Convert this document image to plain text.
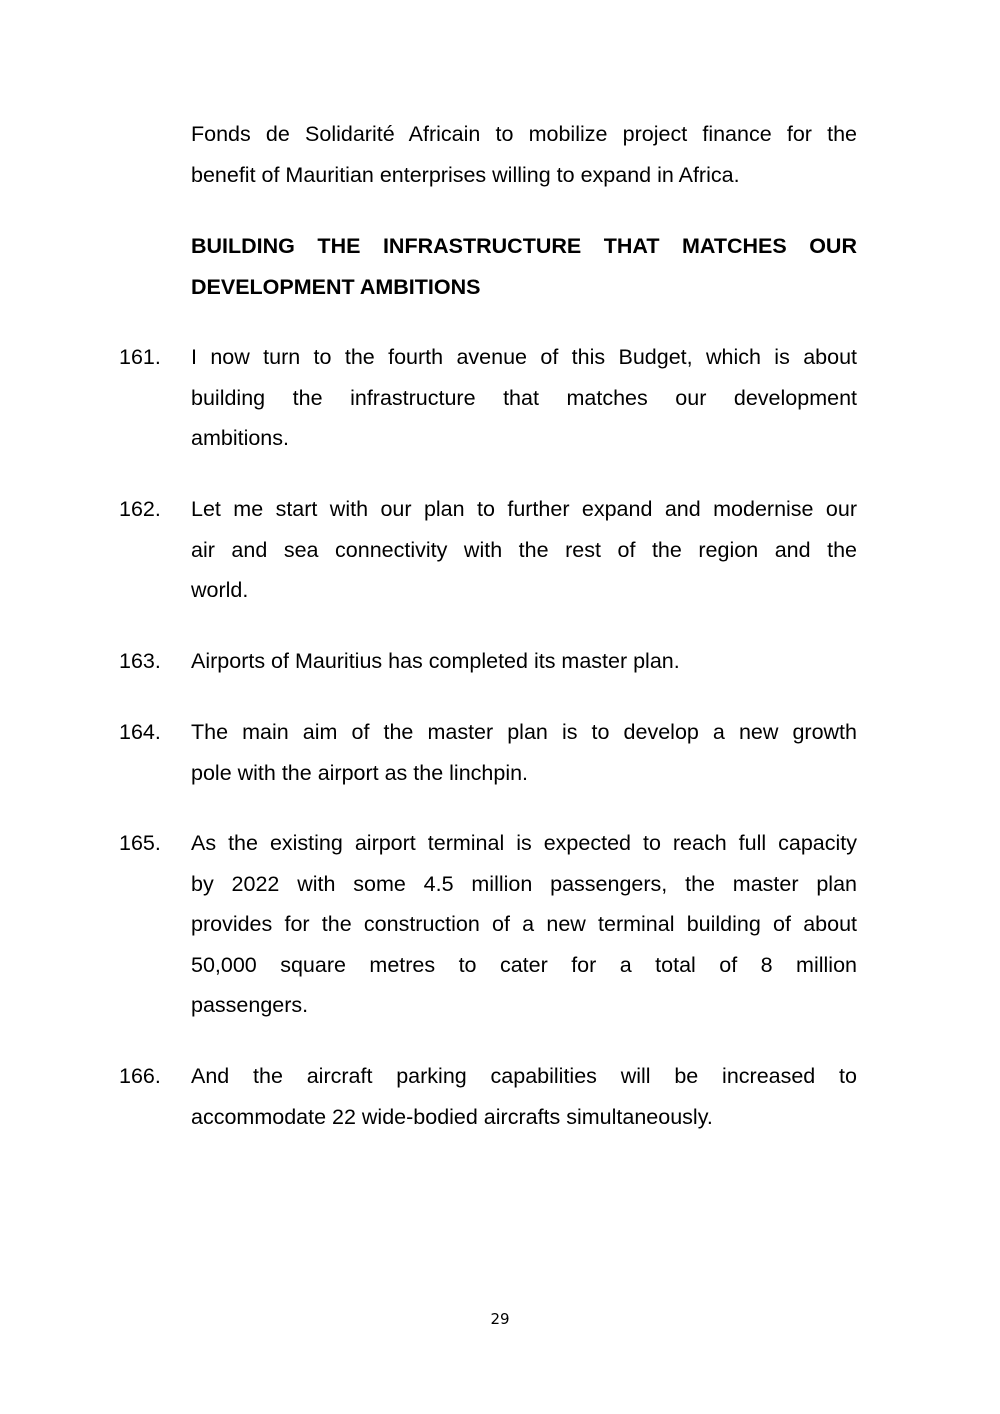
Fonds de Solidarité Africain to mobilize project finance for the
benefit of Mauritian enterprises willing to expand in Africa.
BUILDING THE INFRASTRUCTURE THAT MATCHES OUR
DEVELOPMENT AMBITIONS
161. I now turn to the fourth avenue of this Budget, which is about
building the infrastructure that matches our development
ambitions.
162. Let me start with our plan to further expand and modernise our
air and sea connectivity with the rest of the region and the
world.
163. Airports of Mauritius has completed its master plan.
164. The main aim of the master plan is to develop a new growth
pole with the airport as the linchpin.
165. As the existing airport terminal is expected to reach full capacity
by 2022 with some 4.5 million passengers, the master plan
provides for the construction of a new terminal building of about
50,000 square metres to cater for a total of 8 million
passengers.
166. And the aircraft parking capabilities will be increased to
accommodate 22 wide-bodied aircrafts simultaneously.
29
